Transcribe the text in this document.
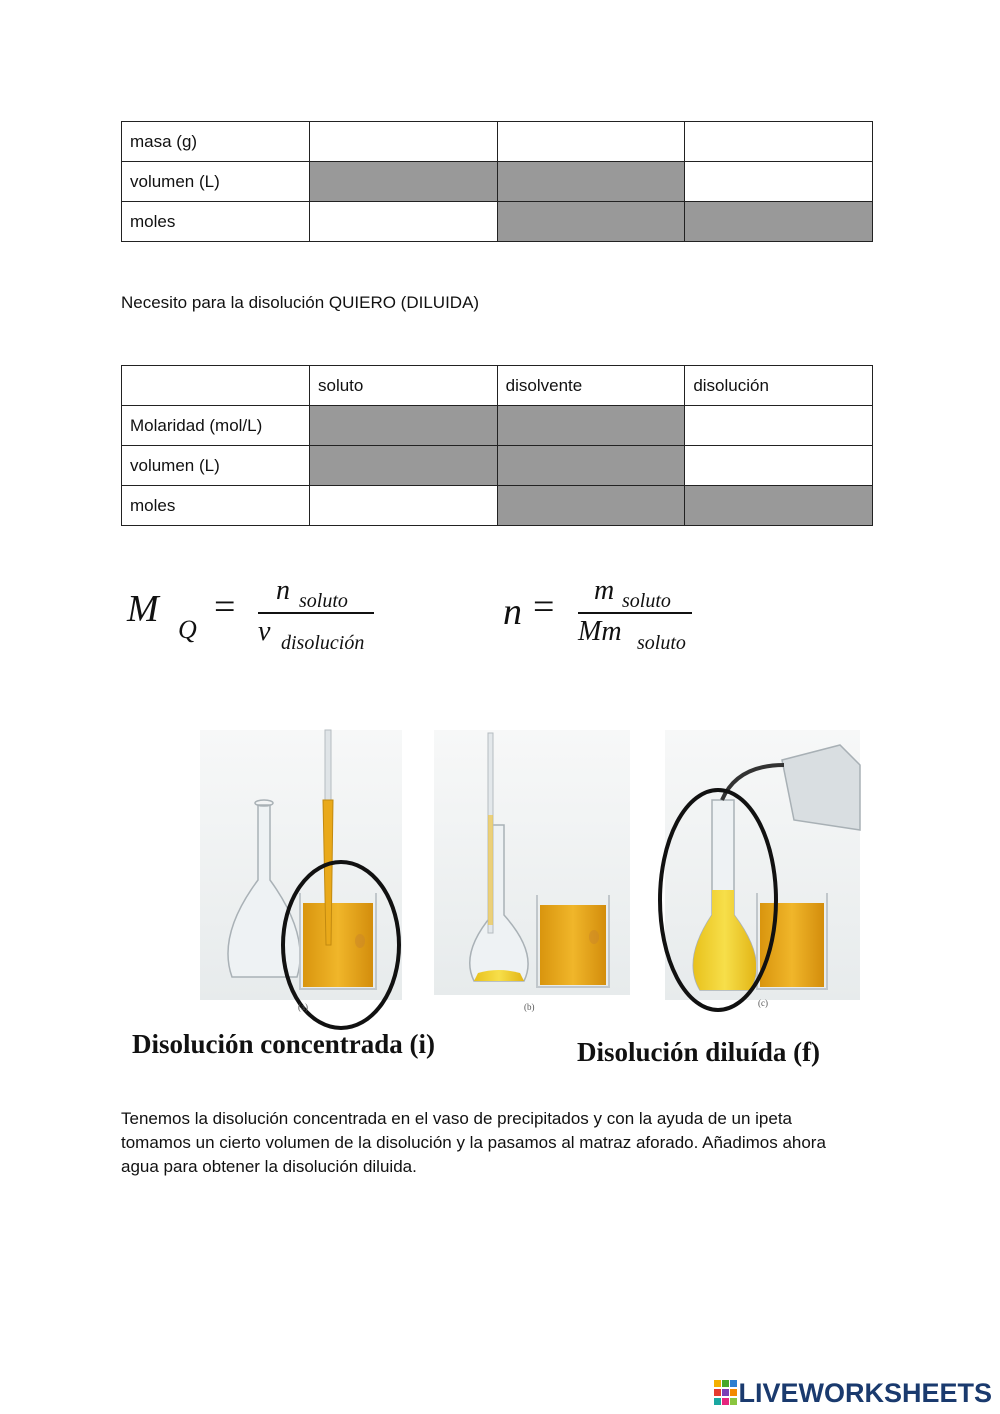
masa (g)			
volumen (L)			
moles			

Necesito para la disolución QUIERO (DILUIDA)

	soluto	disolvente	disolución
Molaridad (mol/L)			
volumen (L)			
moles			
M Q
= n soluto
v disolución
n = m soluto
Mm soluto
(a)	(b)	(c)
Disolución concentrada (i)	Disolución diluída (f)

Tenemos la disolución concentrada en el vaso de precipitados y con la ayuda de un ipeta tomamos un cierto volumen de la disolución y la pasamos al matraz aforado. Añadimos ahora agua para obtener la disolución diluida.

LIVEWORKSHEETS
